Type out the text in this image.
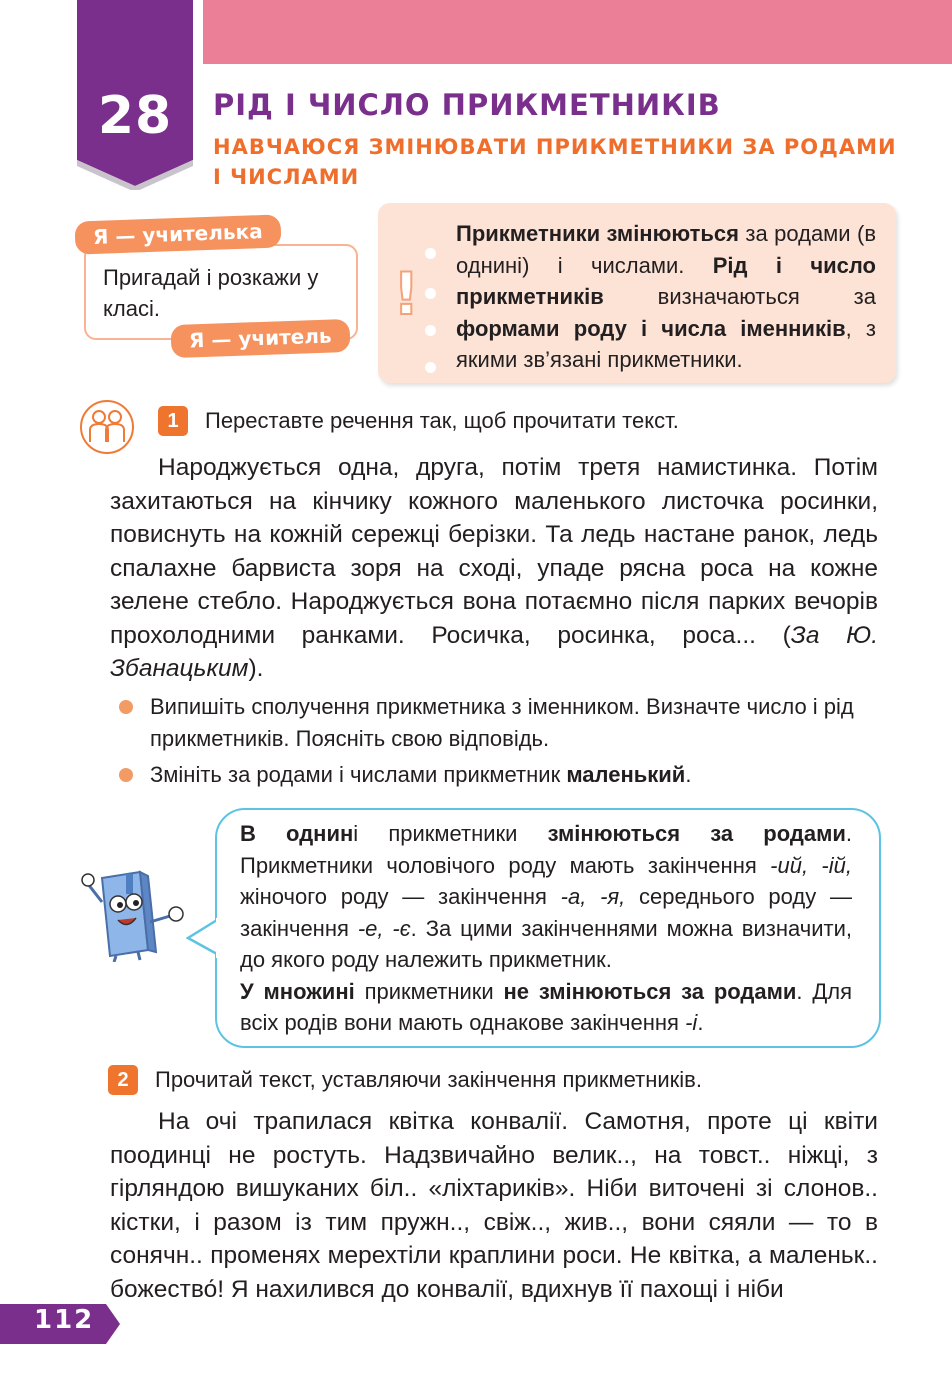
28	РІД І ЧИСЛО ПРИКМЕТНИКІВ
НАВЧАЮСЯ ЗМІНЮВАТИ ПРИКМЕТНИКИ ЗА РОДАМИ І ЧИСЛАМИ
Пригадай і розкажи у класі.
Я — учителька
Я — учитель
!
Прикметники змінюються за родами (в однині) і числами. Рід і число прикметників визначаються за формами роду і числа іменників, з якими зв’язані прикметники.
1	Переставте речення так, щоб прочитати текст.
Народжується одна, друга, потім третя намистинка. Потім захитаються на кінчику кожного маленького листочка росинки, повиснуть на кожній сережці берізки. Та ледь настане ранок, ледь спалахне барвиста зоря на сході, упаде рясна роса на кожне зелене стебло. Народжується вона потаємно після парких вечорів прохолодними ранками. Росичка, росинка, роса... (За Ю. Збанацьким).
Випишіть сполучення прикметника з іменником. Визначте число і рід прикметників. Поясніть свою відповідь.
Змініть за родами і числами прикметник маленький.
В однині прикметники змінюються за родами. Прикметники чоловічого роду мають закінчення -ий, -ій, жіночого роду — закінчення -а, -я, середнього роду — закінчення -е, -є. За цими закінченнями можна визначити, до якого роду належить прикметник.
У множині прикметники не змінюються за родами. Для всіх родів вони мають однакове закінчення -і.
2	Прочитай текст, уставляючи закінчення прикметників.
На очі трапилася квітка конвалії. Самотня, проте ці квіти поодинці не ростуть. Надзвичайно велик.., на товст.. ніжці, з гірляндою вишуканих біл.. «ліхтариків». Ніби виточені зі слонов.. кістки, і разом із тим пружн.., свіж.., жив.., вони сяяли — то в сонячн.. променях мерехтіли краплини роси. Не квітка, а маленьк.. божество́! Я нахилився до конвалії, вдихнув її пахощі і ніби
112
